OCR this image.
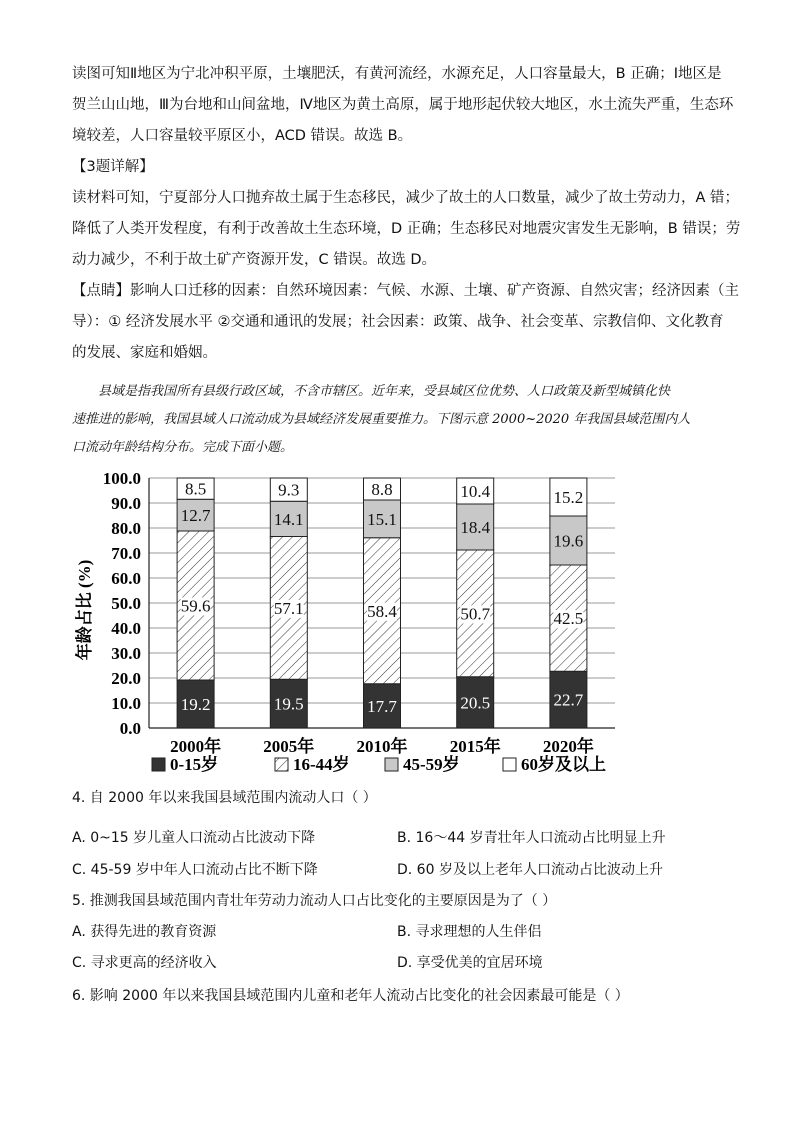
读图可知Ⅱ地区为宁北冲积平原，土壤肥沃，有黄河流经，水源充足，人口容量最大，B 正确；Ⅰ地区是

贺兰山山地，Ⅲ为台地和山间盆地，Ⅳ地区为黄土高原，属于地形起伏较大地区，水土流失严重，生态环

境较差，人口容量较平原区小，ACD 错误。故选 B。

【3题详解】

读材料可知，宁夏部分人口抛弃故土属于生态移民，减少了故土的人口数量，减少了故土劳动力，A 错；

降低了人类开发程度，有利于改善故土生态环境，D 正确；生态移民对地震灾害发生无影响，B 错误；劳

动力减少，不利于故土矿产资源开发，C 错误。故选 D。

【点睛】影响人口迁移的因素：自然环境因素：气候、水源、土壤、矿产资源、自然灾害；经济因素（主

导）：① 经济发展水平 ②交通和通讯的发展；社会因素：政策、战争、社会变革、宗教信仰、文化教育

的发展、家庭和婚姻。

县域是指我国所有县级行政区域，不含市辖区。近年来，受县域区位优势、人口政策及新型城镇化快

速推进的影响，我国县域人口流动成为县域经济发展重要推力。下图示意 2000~2020 年我国县域范围内人

口流动年龄结构分布。完成下面小题。

0.0
10.0
20.0
30.0
40.0
50.0
60.0
70.0
80.0
90.0
100.0
19.2
59.6
12.7
8.5
19.5
57.1
14.1
9.3
17.7
58.4
15.1
8.8
20.5
50.7
18.4
10.4
22.7
42.5
19.6
15.2
2000年 2005年 2010年 2015年 2020年
年龄占比 (%)
0-15岁	16-44岁	45-59岁	60岁及以上
4. 自 2000 年以来我国县域范围内流动人口（ ）
A. 0~15 岁儿童人口流动占比波动下降	B. 16～44 岁青壮年人口流动占比明显上升
C. 45-59 岁中年人口流动占比不断下降	D. 60 岁及以上老年人口流动占比波动上升
5. 推测我国县域范围内青壮年劳动力流动人口占比变化的主要原因是为了（ ）
A. 获得先进的教育资源	B. 寻求理想的人生伴侣
C. 寻求更高的经济收入	D. 享受优美的宜居环境
6. 影响 2000 年以来我国县域范围内儿童和老年人流动占比变化的社会因素最可能是（ ）
